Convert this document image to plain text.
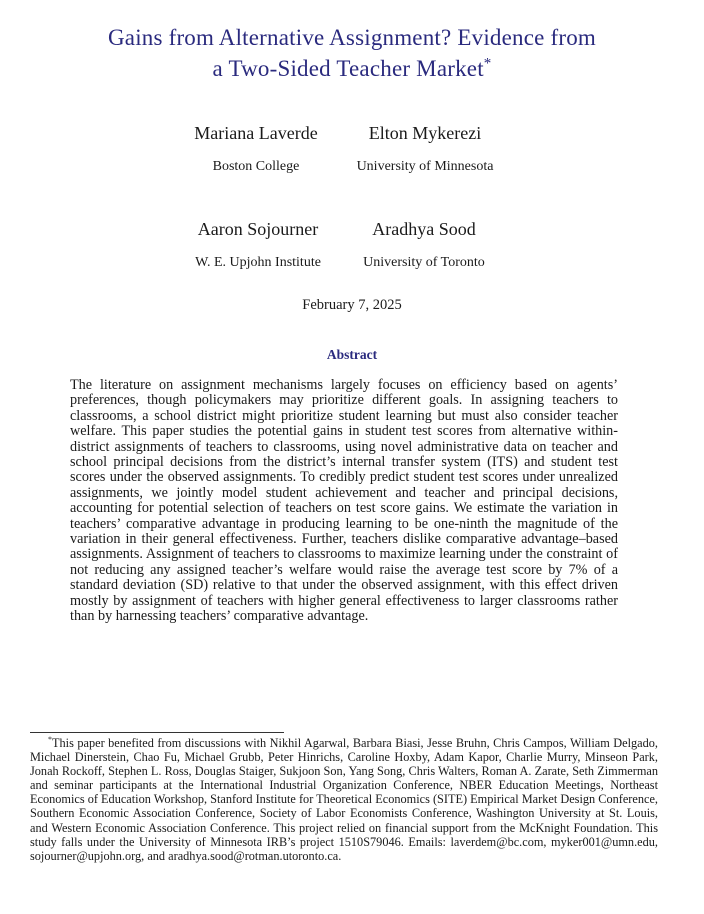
Gains from Alternative Assignment? Evidence from
a Two-Sided Teacher Market*
Mariana Laverde
Boston College
Elton Mykerezi
University of Minnesota
Aaron Sojourner
W. E. Upjohn Institute
Aradhya Sood
University of Toronto
February 7, 2025
Abstract
The literature on assignment mechanisms largely focuses on efficiency based on agents’ preferences, though policymakers may prioritize different goals. In assigning teachers to classrooms, a school district might prioritize student learning but must also consider teacher welfare. This paper studies the potential gains in student test scores from alternative within-district assignments of teachers to classrooms, using novel administrative data on teacher and school principal decisions from the district’s internal transfer system (ITS) and student test scores under the observed assignments. To credibly predict student test scores under unrealized assignments, we jointly model student achievement and teacher and principal decisions, accounting for potential selection of teachers on test score gains. We estimate the variation in teachers’ comparative advantage in producing learning to be one-ninth the magnitude of the variation in their general effectiveness. Further, teachers dislike comparative advantage–based assignments. Assignment of teachers to classrooms to maximize learning under the constraint of not reducing any assigned teacher’s welfare would raise the average test score by 7% of a standard deviation (SD) relative to that under the observed assignment, with this effect driven mostly by assignment of teachers with higher general effectiveness to larger classrooms rather than by harnessing teachers’ comparative advantage.
*This paper benefited from discussions with Nikhil Agarwal, Barbara Biasi, Jesse Bruhn, Chris Campos, William Delgado, Michael Dinerstein, Chao Fu, Michael Grubb, Peter Hinrichs, Caroline Hoxby, Adam Kapor, Charlie Murry, Minseon Park, Jonah Rockoff, Stephen L. Ross, Douglas Staiger, Sukjoon Son, Yang Song, Chris Walters, Roman A. Zarate, Seth Zimmerman and seminar participants at the International Industrial Organization Conference, NBER Education Meetings, Northeast Economics of Education Workshop, Stanford Institute for Theoretical Economics (SITE) Empirical Market Design Conference, Southern Economic Association Conference, Society of Labor Economists Conference, Washington University at St. Louis, and Western Economic Association Conference. This project relied on financial support from the McKnight Foundation. This study falls under the University of Minnesota IRB’s project 1510S79046. Emails: laverdem@bc.com, myker001@umn.edu, sojourner@upjohn.org, and aradhya.sood@rotman.utoronto.ca.
